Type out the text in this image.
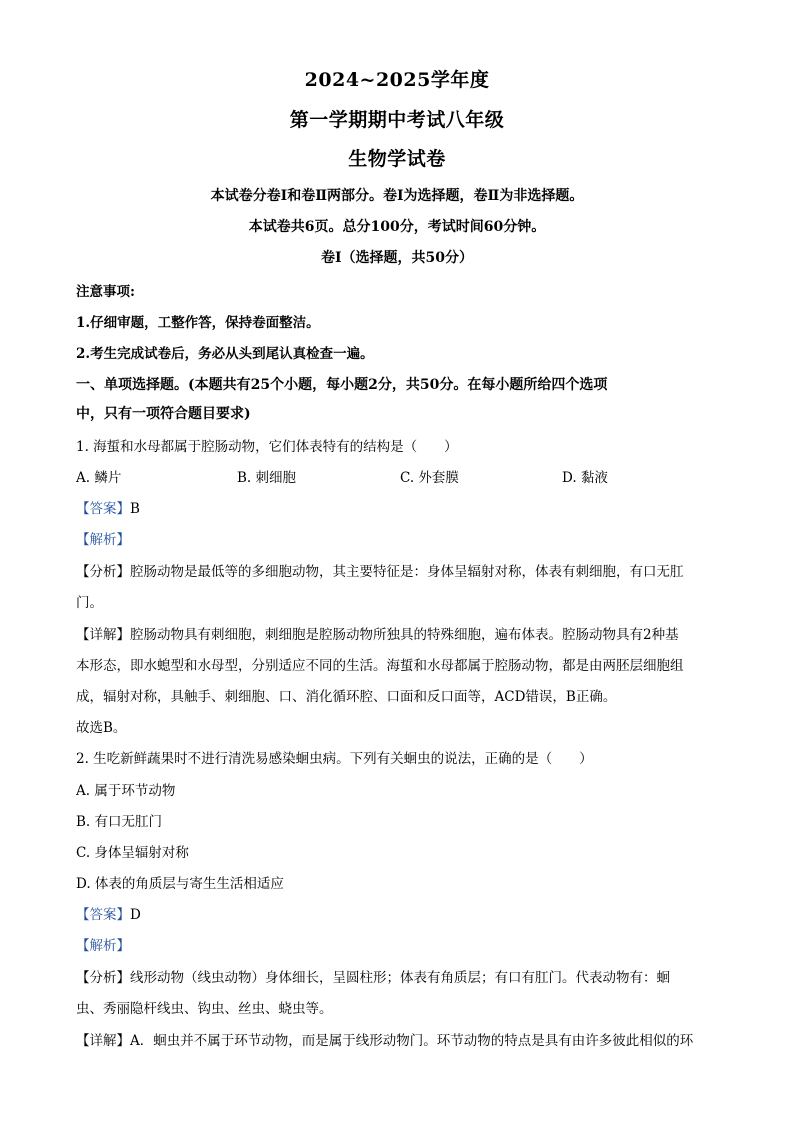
2024~2025学年度
第一学期期中考试八年级
生物学试卷
本试卷分卷Ⅰ和卷Ⅱ两部分。卷Ⅰ为选择题，卷Ⅱ为非选择题。
本试卷共6页。总分100分，考试时间60分钟。
卷Ⅰ（选择题，共50分）
注意事项:
1.仔细审题，工整作答，保持卷面整洁。
2.考生完成试卷后，务必从头到尾认真检查一遍。
一、单项选择题。(本题共有25个小题，每小题2分，共50分。在每小题所给四个选项
中，只有一项符合题目要求)
1. 海蜇和水母都属于腔肠动物，它们体表特有的结构是（　　）
A. 鳞片	B. 刺细胞	C. 外套膜	D. 黏液
【答案】B
【解析】
【分析】腔肠动物是最低等的多细胞动物，其主要特征是：身体呈辐射对称，体表有刺细胞，有口无肛
门。
【详解】腔肠动物具有刺细胞，刺细胞是腔肠动物所独具的特殊细胞，遍布体表。腔肠动物具有2种基
本形态，即水螅型和水母型，分别适应不同的生活。海蜇和水母都属于腔肠动物，都是由两胚层细胞组
成，辐射对称，具触手、刺细胞、口、消化循环腔、口面和反口面等，ACD错误，B正确。
故选B。
2. 生吃新鲜蔬果时不进行清洗易感染蛔虫病。下列有关蛔虫的说法，正确的是（　　）
A. 属于环节动物
B. 有口无肛门
C. 身体呈辐射对称
D. 体表的角质层与寄生生活相适应
【答案】D
【解析】
【分析】线形动物（线虫动物）身体细长，呈圆柱形；体表有角质层；有口有肛门。代表动物有：蛔
虫、秀丽隐杆线虫、钩虫、丝虫、蛲虫等。
【详解】A．蛔虫并不属于环节动物，而是属于线形动物门。环节动物的特点是具有由许多彼此相似的环
